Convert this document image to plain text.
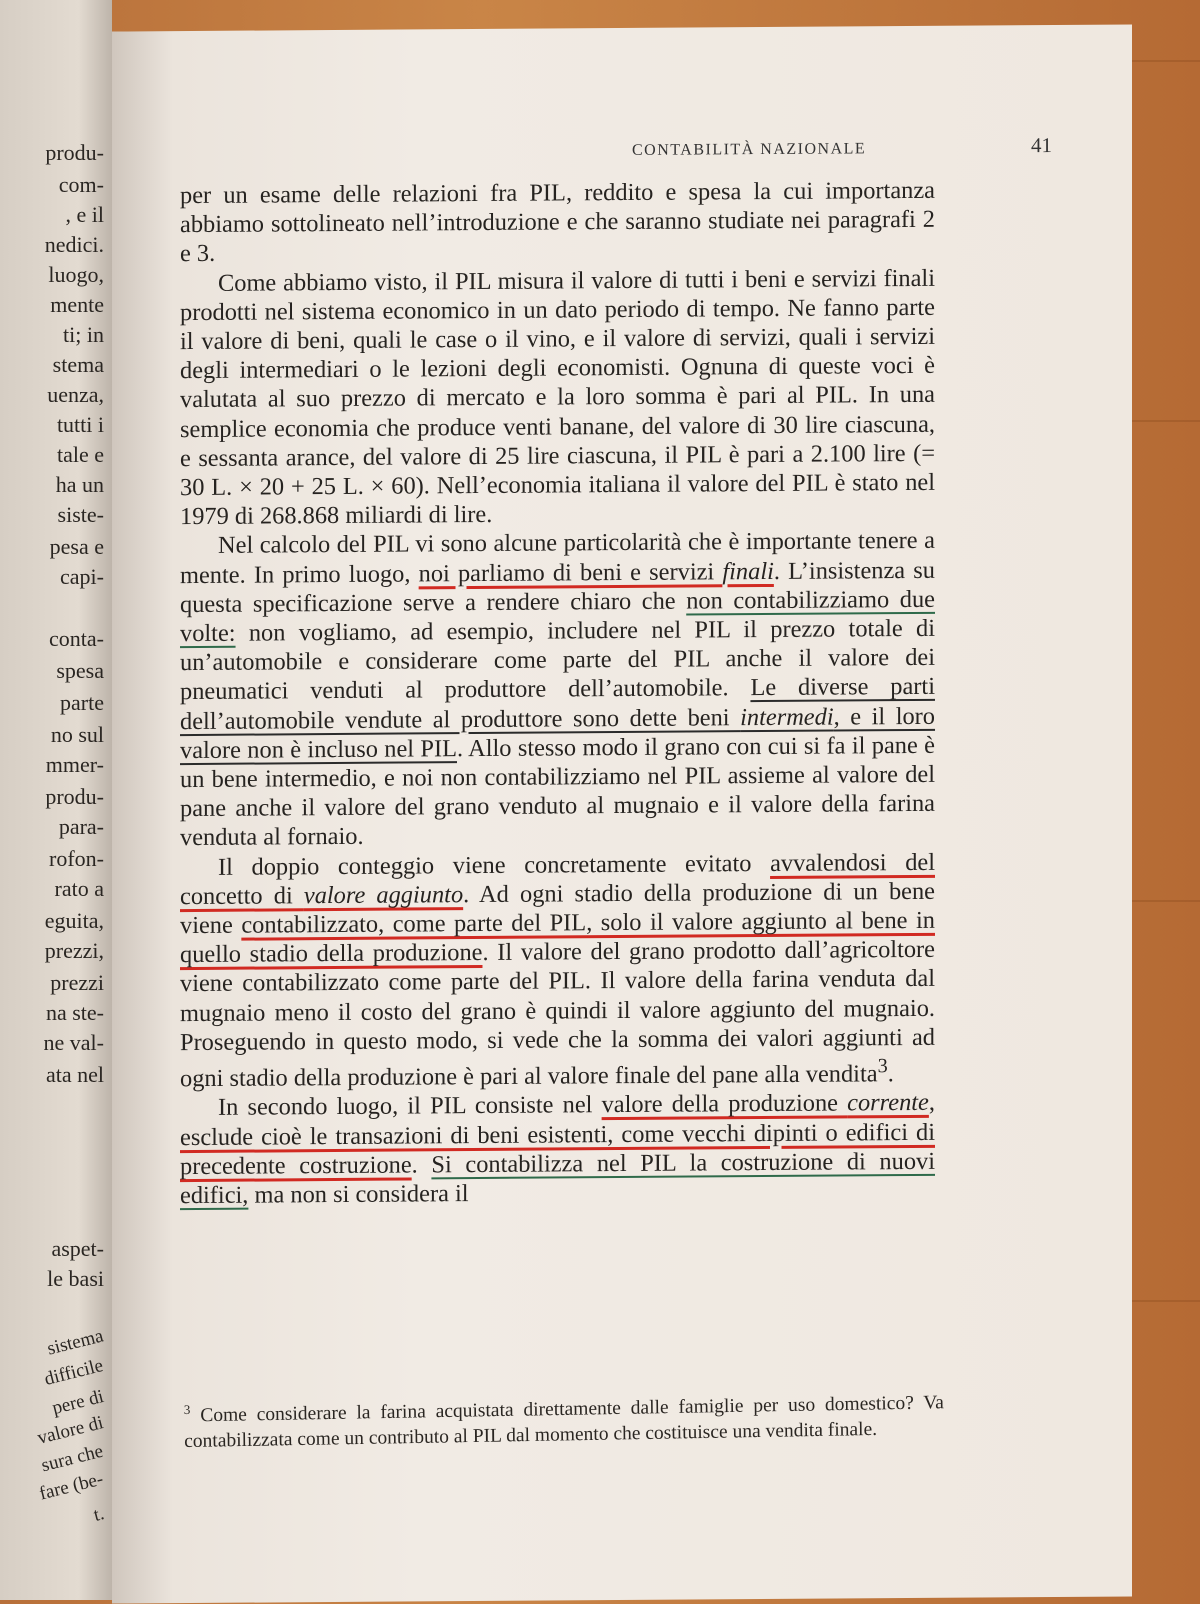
produ-
com-
, e il
nedici.
luogo,
mente
ti; in
stema
uenza,
tutti i
tale e
ha un
siste-
pesa e
capi-
conta-
spesa
parte
no sul
mmer-
produ-
para-
rofon-
rato a
eguita,
prezzi,
prezzi
na ste-
ne val-
ata nel
aspet-
le basi
sistema
difficile
pere di
valore di
sura che
fare (be-
t.
CONTABILITÀ NAZIONALE	41

per un esame delle relazioni fra PIL, reddito e spesa la cui importanza abbiamo sottolineato nell’introduzione e che saranno studiate nei paragrafi 2 e 3.

Come abbiamo visto, il PIL misura il valore di tutti i beni e servizi finali prodotti nel sistema economico in un dato periodo di tempo. Ne fanno parte il valore di beni, quali le case o il vino, e il valore di servizi, quali i servizi degli intermediari o le lezioni degli economisti. Ognuna di queste voci è valutata al suo prezzo di mercato e la loro somma è pari al PIL. In una semplice economia che produce venti banane, del valore di 30 lire ciascuna, e sessanta arance, del valore di 25 lire ciascuna, il PIL è pari a 2.100 lire (= 30 L. × 20 + 25 L. × 60). Nell’economia italiana il valore del PIL è stato nel 1979 di 268.868 miliardi di lire.

Nel calcolo del PIL vi sono alcune particolarità che è importante tenere a mente. In primo luogo, noi parliamo di beni e servizi finali. L’insistenza su questa specificazione serve a rendere chiaro che non contabilizziamo due volte: non vogliamo, ad esempio, includere nel PIL il prezzo totale di un’automobile e considerare come parte del PIL anche il valore dei pneumatici venduti al produttore dell’automobile. Le diverse parti dell’automobile vendute al produttore sono dette beni intermedi, e il loro valore non è incluso nel PIL. Allo stesso modo il grano con cui si fa il pane è un bene intermedio, e noi non contabilizziamo nel PIL assieme al valore del pane anche il valore del grano venduto al mugnaio e il valore della farina venduta al fornaio.

Il doppio conteggio viene concretamente evitato avvalendosi del concetto di valore aggiunto. Ad ogni stadio della produzione di un bene viene contabilizzato, come parte del PIL, solo il valore aggiunto al bene in quello stadio della produzione. Il valore del grano prodotto dall’agricoltore viene contabilizzato come parte del PIL. Il valore della farina venduta dal mugnaio meno il costo del grano è quindi il valore aggiunto del mugnaio. Proseguendo in questo modo, si vede che la somma dei valori aggiunti ad ogni stadio della produzione è pari al valore finale del pane alla vendita$^3$.

In secondo luogo, il PIL consiste nel valore della produzione corrente, esclude cioè le transazioni di beni esistenti, come vecchi dipinti o edifici di precedente costruzione. Si contabilizza nel PIL la costruzione di nuovi edifici, ma non si considera il

$^3$ Come considerare la farina acquistata direttamente dalle famiglie per uso domestico? Va contabilizzata come un contributo al PIL dal momento che costituisce una vendita finale.
